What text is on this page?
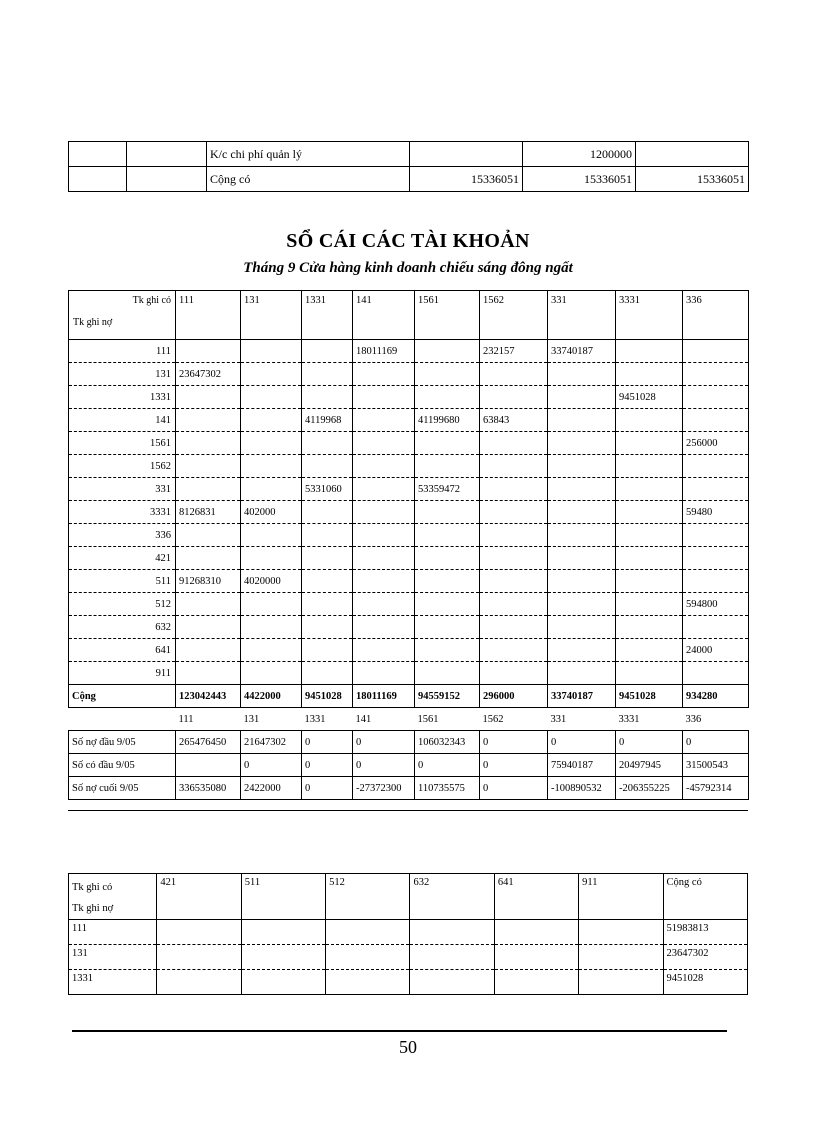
		K/c chi phí quản lý		1200000	
		Cộng có	15336051	15336051	15336051
SỔ CÁI CÁC TÀI KHOẢN
Tháng 9 Cửa hàng kinh doanh chiếu sáng đông ngất
Tk ghi có
Tk ghi nợ	111	131	1331	141	1561	1562	331	3331	336
111				18011169		232157	33740187		
131	23647302								
1331								9451028	
141			4119968		41199680	63843			
1561									256000
1562									
331			5331060		53359472				
3331	8126831	402000							59480
336									
421									
511	91268310	4020000							
512									594800
632									
641									24000
911									
Cộng	123042443	4422000	9451028	18011169	94559152	296000	33740187	9451028	934280
	111	131	1331	141	1561	1562	331	3331	336
Số nợ đầu 9/05	265476450	21647302	0	0	106032343	0	0	0	0
Số có đầu 9/05		0	0	0	0	0	75940187	20497945	31500543
Số nợ cuối 9/05	336535080	2422000	0	-27372300	110735575	0	-100890532	-206355225	-45792314
Tk ghi có
Tk ghi nợ	421	511	512	632	641	911	Cộng có
111							51983813
131							23647302
1331							9451028
50
